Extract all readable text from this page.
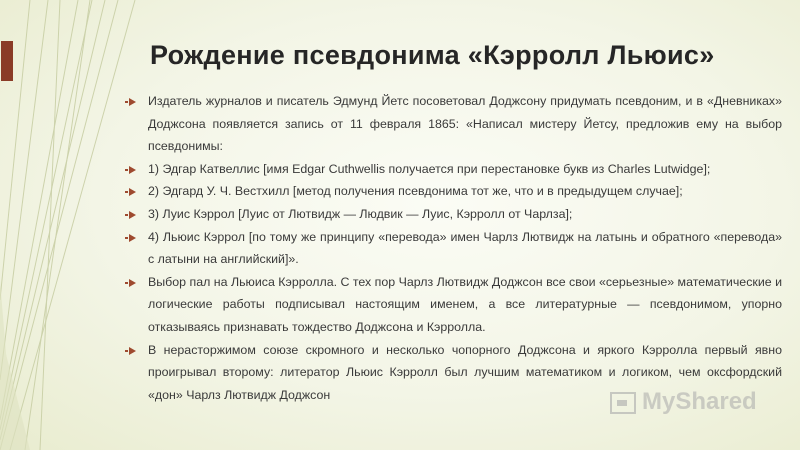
Рождение псевдонима «Кэрролл Льюис»
Издатель журналов и писатель Эдмунд Йетс посоветовал Доджсону придумать псевдоним, и в «Дневниках» Доджсона появляется запись от 11 февраля 1865: «Написал мистеру Йетсу, предложив ему на выбор псевдонимы:
1) Эдгар Катвеллис [имя Edgar Cuthwellis получается при перестановке букв из Charles Lutwidge];
2) Эдгард У. Ч. Вестхилл [метод получения псевдонима тот же, что и в предыдущем случае];
3) Луис Кэррол [Луис от Лютвидж — Людвик — Луис, Кэрролл от Чарлза];
4) Льюис Кэррол [по тому же принципу «перевода» имен Чарлз Лютвидж на латынь и обратного «перевода» с латыни на английский]».
Выбор пал на Льюиса Кэрролла. С тех пор Чарлз Лютвидж Доджсон все свои «серьезные» математические и логические работы подписывал настоящим именем, а все литературные — псевдонимом, упорно отказываясь признавать тождество Доджсона и Кэрролла.
В нерасторжимом союзе скромного и несколько чопорного Доджсона и яркого Кэрролла первый явно проигрывал второму: литератор Льюис Кэрролл был лучшим математиком и логиком, чем оксфордский «дон» Чарлз Лютвидж Доджсон	MyShared
